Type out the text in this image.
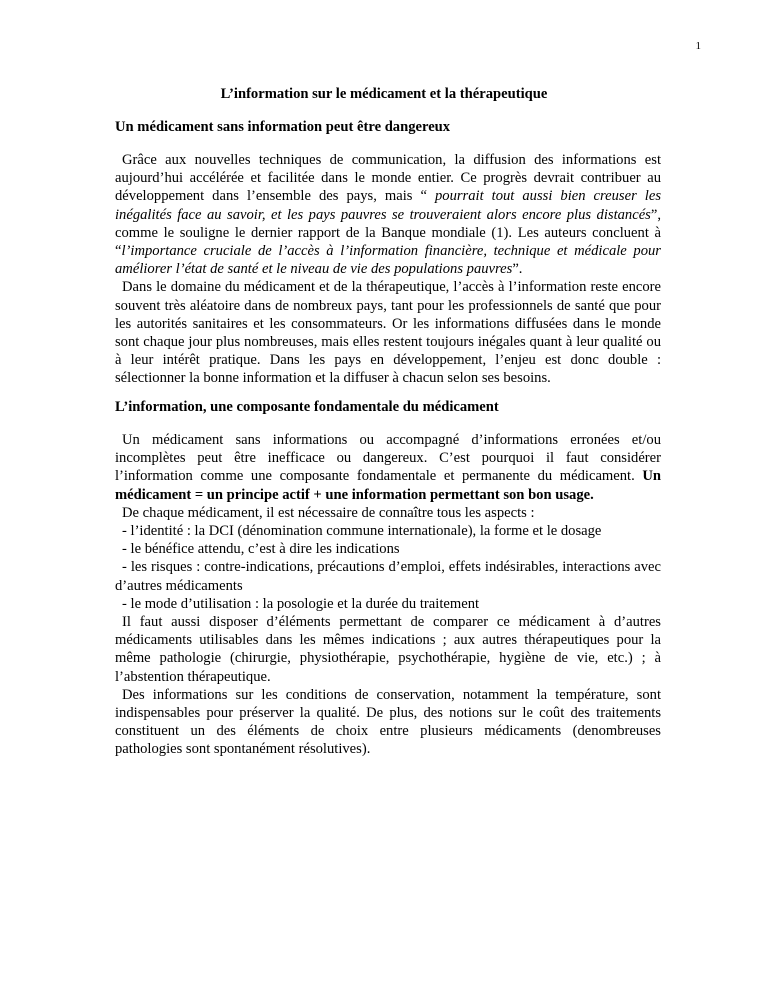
1
L’information sur le médicament et la thérapeutique
Un médicament sans information peut être dangereux

Grâce aux nouvelles techniques de communication, la diffusion des informations est aujourd’hui accélérée et facilitée dans le monde entier. Ce progrès devrait contribuer au développement dans l’ensemble des pays, mais “ pourrait tout aussi bien creuser les inégalités face au savoir, et les pays pauvres se trouveraient alors encore plus distancés”, comme le souligne le dernier rapport de la Banque mondiale (1). Les auteurs concluent à “l’importance cruciale de l’accès à l’information financière, technique et médicale pour améliorer l’état de santé et le niveau de vie des populations pauvres”.

Dans le domaine du médicament et de la thérapeutique, l’accès à l’information reste encore souvent très aléatoire dans de nombreux pays, tant pour les professionnels de santé que pour les autorités sanitaires et les consommateurs. Or les informations diffusées dans le monde sont chaque jour plus nombreuses, mais elles restent toujours inégales quant à leur qualité ou à leur intérêt pratique. Dans les pays en développement, l’enjeu est donc double : sélectionner la bonne information et la diffuser à chacun selon ses besoins.

L’information, une composante fondamentale du médicament

Un médicament sans informations ou accompagné d’informations erronées et/ou incomplètes peut être inefficace ou dangereux. C’est pourquoi il faut considérer l’information comme une composante fondamentale et permanente du médicament. Un médicament = un principe actif + une information permettant son bon usage.

De chaque médicament, il est nécessaire de connaître tous les aspects :

- l’identité : la DCI (dénomination commune internationale), la forme et le dosage

- le bénéfice attendu, c’est à dire les indications

- les risques : contre-indications, précautions d’emploi, effets indésirables, interactions avec d’autres médicaments

- le mode d’utilisation : la posologie et la durée du traitement

Il faut aussi disposer d’éléments permettant de comparer ce médicament à d’autres médicaments utilisables dans les mêmes indications ; aux autres thérapeutiques pour la même pathologie (chirurgie, physiothérapie, psychothérapie, hygiène de vie, etc.) ; à l’abstention thérapeutique.

Des informations sur les conditions de conservation, notamment la température, sont indispensables pour préserver la qualité. De plus, des notions sur le coût des traitements constituent un des éléments de choix entre plusieurs médicaments (denombreuses pathologies sont spontanément résolutives).
